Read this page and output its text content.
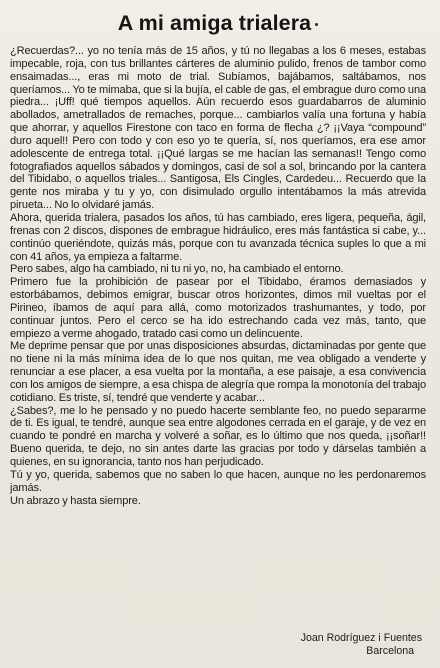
A mi amiga trialera

¿Recuerdas?... yo no tenía más de 15 años, y tú no llegabas a los 6 meses, estabas impecable, roja, con tus brillantes cárteres de aluminio pulido, frenos de tambor como ensaimadas..., eras mi moto de trial. Subíamos, bajábamos, saltábamos, nos queríamos... Yo te mimaba, que si la bujía, el cable de gas, el embrague duro como una piedra... ¡Uff! qué tiempos aquellos. Aún recuerdo esos guardabarros de aluminio abollados, ametrallados de remaches, porque... cambiarlos valía una fortuna y había que ahorrar, y aquellos Firestone con taco en forma de flecha ¿? ¡¡Vaya “compound” duro aquel!! Pero con todo y con eso yo te quería, sí, nos queríamos, era ese amor adolescente de entrega total. ¡¡Qué largas se me hacían las semanas!! Tengo como fotografiados aquellos sábados y domingos, casi de sol a sol, brincando por la cantera del Tibidabo, o aquellos triales... Santigosa, Els Cingles, Cardedeu... Recuerdo que la gente nos miraba y tu y yo, con disimulado orgullo intentábamos la más atrevida pirueta... No lo olvidaré jamás.

Ahora, querida trialera, pasados los años, tú has cambiado, eres ligera, pequeña, ágil, frenas con 2 discos, dispones de embrague hidráulico, eres más fantástica si cabe, y... continúo queriéndote, quizás más, porque con tu avanzada técnica suples lo que a mi con 41 años, ya empieza a faltarme.

Pero sabes, algo ha cambiado, ni tu ni yo, no, ha cambiado el entorno.

Primero fue la prohibición de pasear por el Tibidabo, éramos demasiados y estorbábamos, debimos emigrar, buscar otros horizontes, dimos mil vueltas por el Pirineo, íbamos de aquí para allá, como motorizados trashumantes, y todo, por continuar juntos. Pero el cerco se ha ido estrechando cada vez más, tanto, que empiezo a verme ahogado, tratado casi como un delincuente.

Me deprime pensar que por unas disposiciones absurdas, dictaminadas por gente que no tiene ni la más mínima idea de lo que nos quitan, me vea obligado a venderte y renunciar a ese placer, a esa vuelta por la montaña, a ese paisaje, a esa convivencia con los amigos de siempre, a esa chispa de alegría que rompa la monotonía del trabajo cotidiano. Es triste, sí, tendré que venderte y acabar...

¿Sabes?, me lo he pensado y no puedo hacerte semblante feo, no puedo separarme de ti. Es igual, te tendré, aunque sea entre algodones cerrada en el garaje, y de vez en cuando te pondré en marcha y volveré a soñar, es lo último que nos queda, ¡¡soñar!! Bueno querida, te dejo, no sin antes darte las gracias por todo y dárselas también a quienes, en su ignorancia, tanto nos han perjudicado.

Tú y yo, querida, sabemos que no saben lo que hacen, aunque no les perdonaremos jamás.

Un abrazo y hasta siempre.

Joan Rodríguez i Fuentes
Barcelona
